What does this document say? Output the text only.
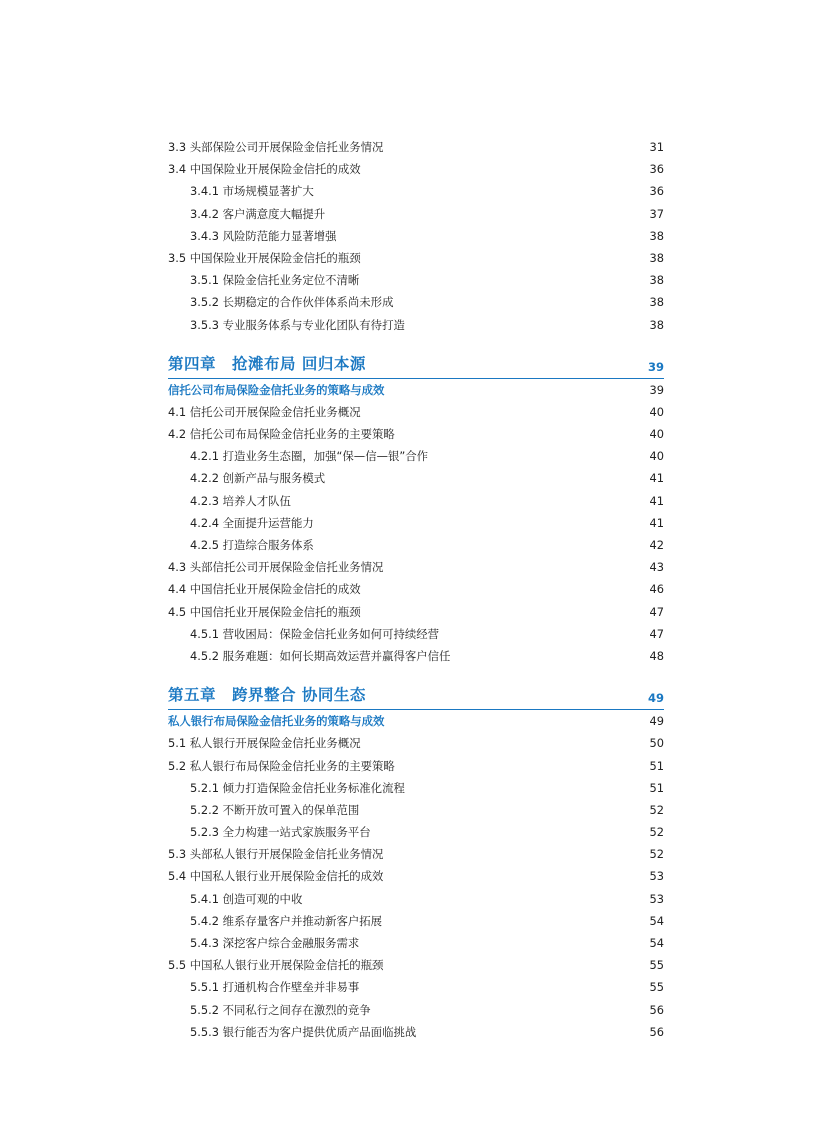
3.3 头部保险公司开展保险金信托业务情况	31
3.4 中国保险业开展保险金信托的成效	36
3.4.1 市场规模显著扩大	36
3.4.2 客户满意度大幅提升	37
3.4.3 风险防范能力显著增强	38
3.5 中国保险业开展保险金信托的瓶颈	38
3.5.1 保险金信托业务定位不清晰	38
3.5.2 长期稳定的合作伙伴体系尚未形成	38
3.5.3 专业服务体系与专业化团队有待打造	38
第四章　抢滩布局 回归本源	39
信托公司布局保险金信托业务的策略与成效	39
4.1 信托公司开展保险金信托业务概况	40
4.2 信托公司布局保险金信托业务的主要策略	40
4.2.1 打造业务生态圈，加强“保—信—银”合作	40
4.2.2 创新产品与服务模式	41
4.2.3 培养人才队伍	41
4.2.4 全面提升运营能力	41
4.2.5 打造综合服务体系	42
4.3 头部信托公司开展保险金信托业务情况	43
4.4 中国信托业开展保险金信托的成效	46
4.5 中国信托业开展保险金信托的瓶颈	47
4.5.1 营收困局：保险金信托业务如何可持续经营	47
4.5.2 服务难题：如何长期高效运营并赢得客户信任	48
第五章　跨界整合 协同生态	49
私人银行布局保险金信托业务的策略与成效	49
5.1 私人银行开展保险金信托业务概况	50
5.2 私人银行布局保险金信托业务的主要策略	51
5.2.1 倾力打造保险金信托业务标准化流程	51
5.2.2 不断开放可置入的保单范围	52
5.2.3 全力构建一站式家族服务平台	52
5.3 头部私人银行开展保险金信托业务情况	52
5.4 中国私人银行业开展保险金信托的成效	53
5.4.1 创造可观的中收	53
5.4.2 维系存量客户并推动新客户拓展	54
5.4.3 深挖客户综合金融服务需求	54
5.5 中国私人银行业开展保险金信托的瓶颈	55
5.5.1 打通机构合作壁垒并非易事	55
5.5.2 不同私行之间存在激烈的竞争	56
5.5.3 银行能否为客户提供优质产品面临挑战	56
